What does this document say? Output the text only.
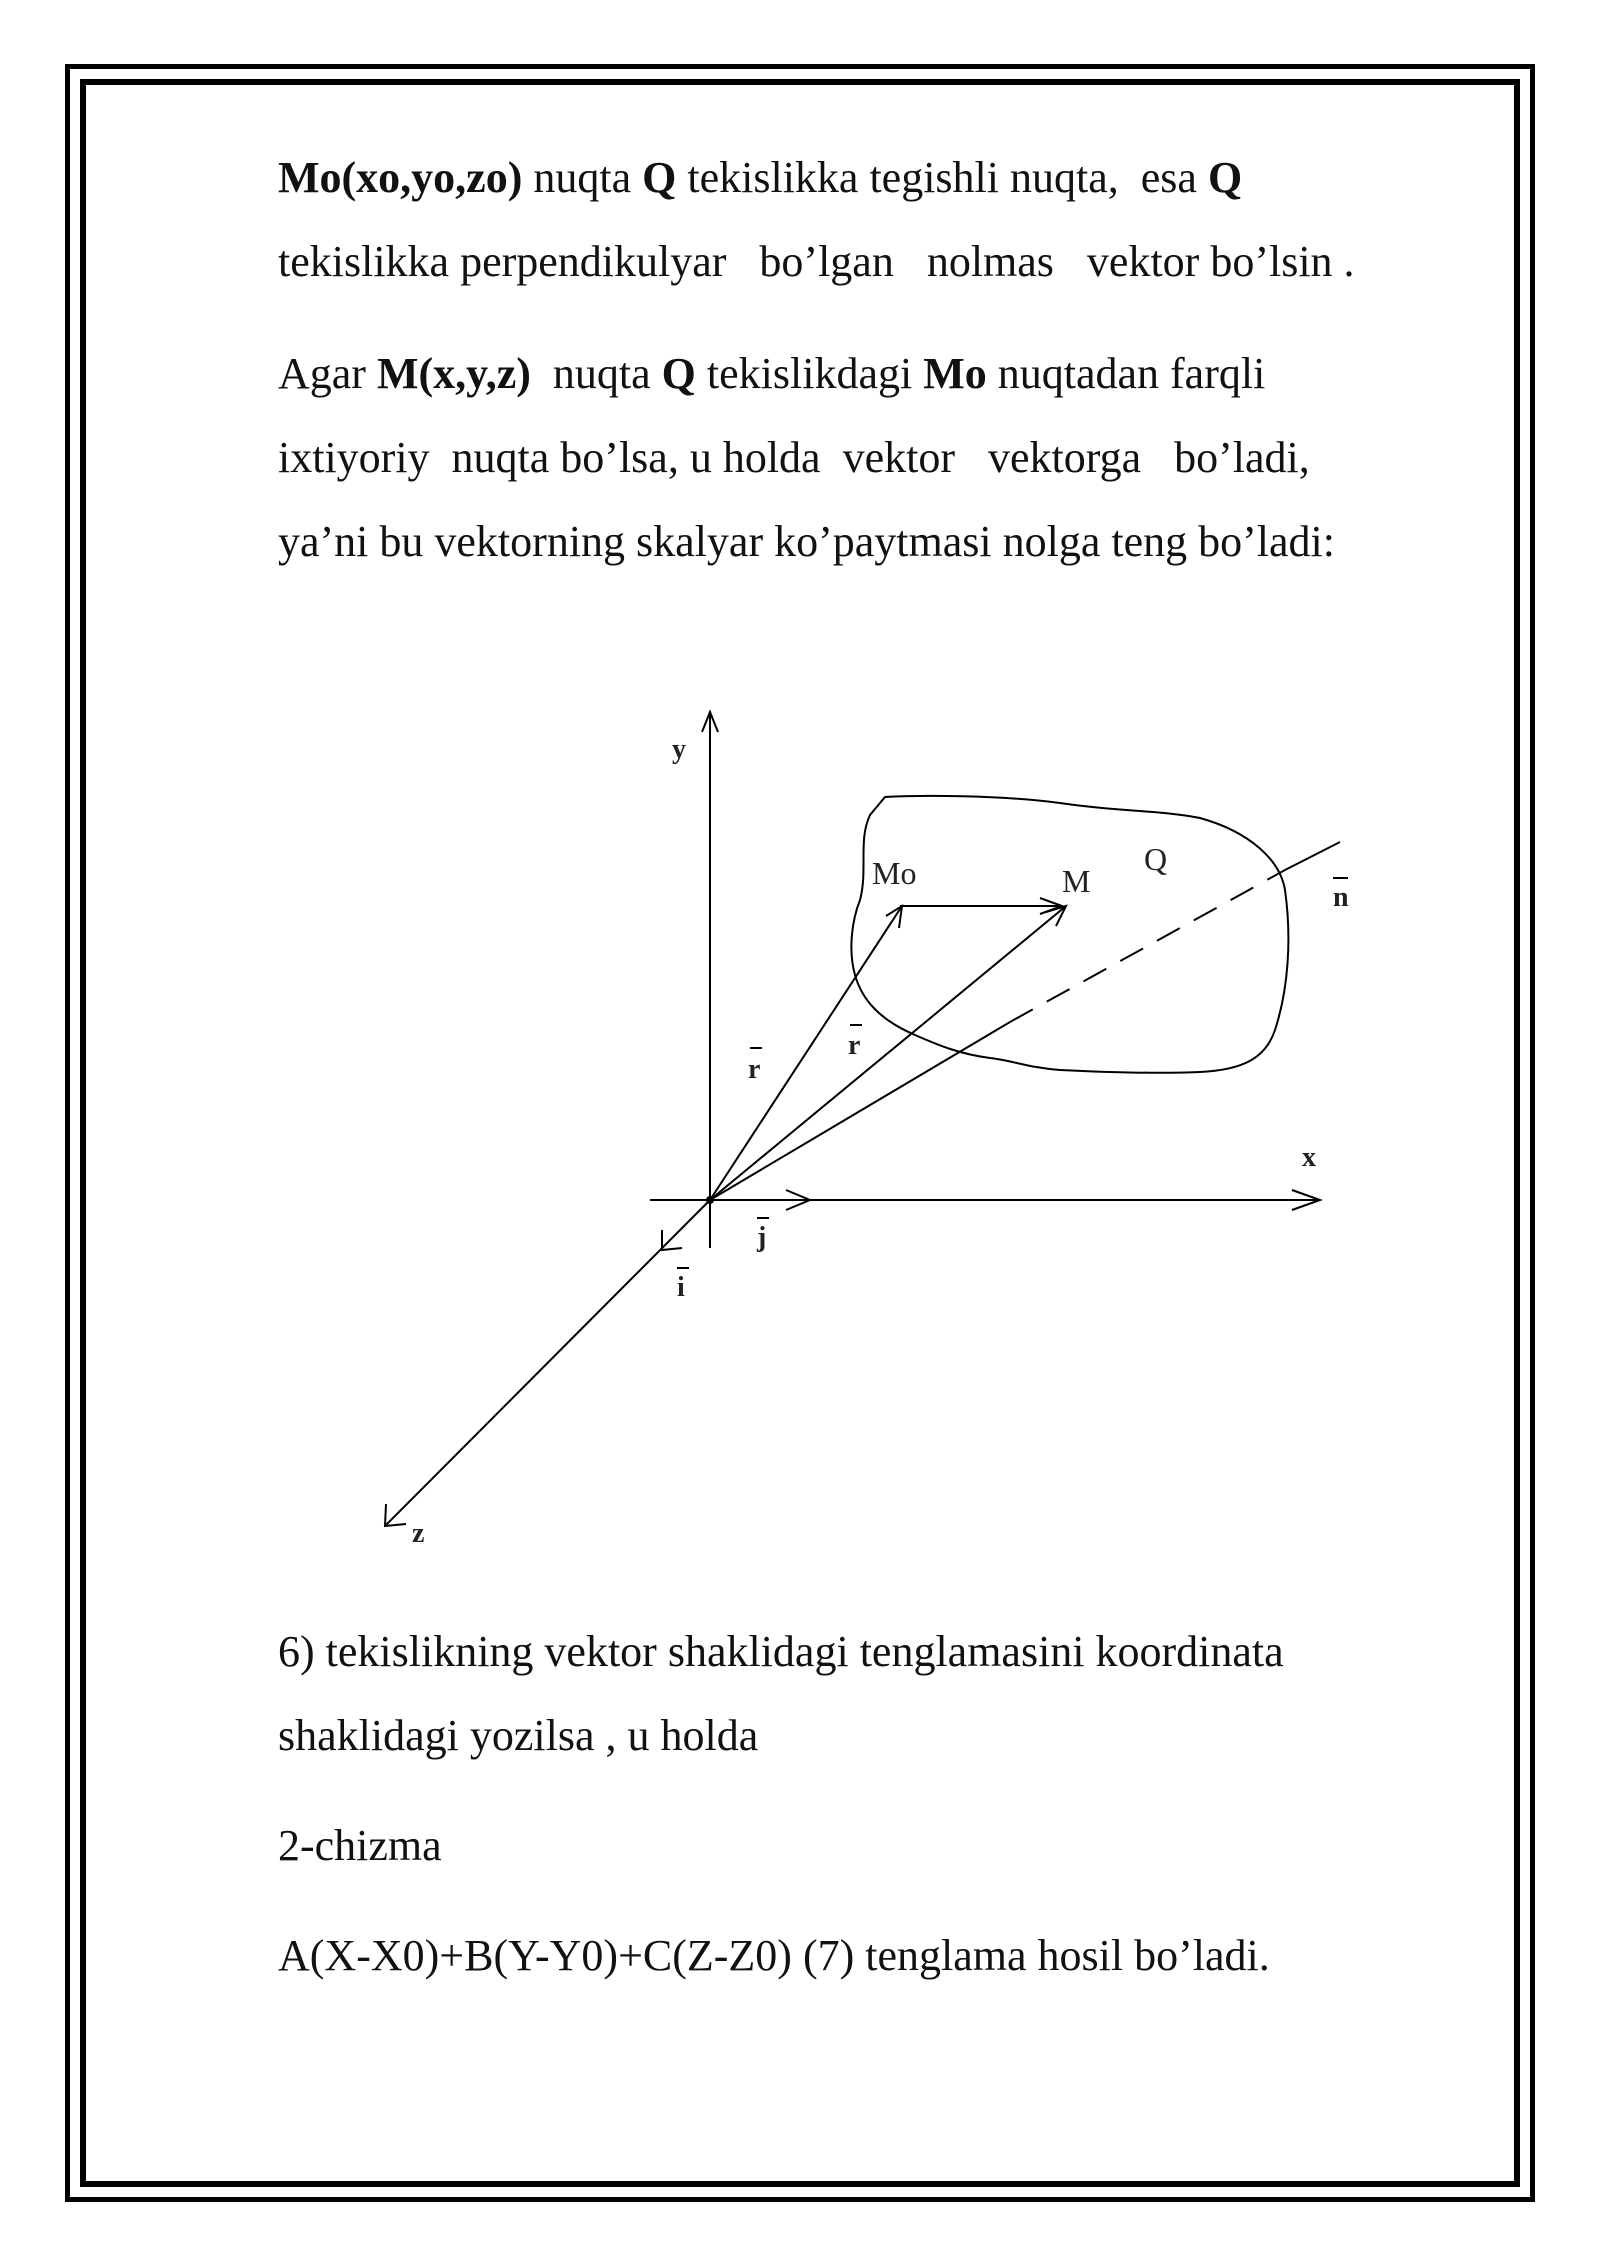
Mo(xo,yo,zo) nuqta Q tekislikka tegishli nuqta,  esa Q
tekislikka perpendikulyar   bo’lgan   nolmas   vektor bo’lsin .
Agar M(x,y,z)  nuqta Q tekislikdagi Mo nuqtadan farqli
ixtiyoriy  nuqta bo’lsa, u holda  vektor   vektorga   bo’ladi,
ya’ni bu vektorning skalyar ko’paytmasi nolga teng bo’ladi:
6) tekislikning vektor shaklidagi tenglamasini koordinata
shaklidagi yozilsa , u holda
2-chizma
A(X-X0)+B(Y-Y0)+C(Z-Z0) (7) tenglama hosil bo’ladi.
y
x
z
Mo	M
Q
n
r
r
i
j
